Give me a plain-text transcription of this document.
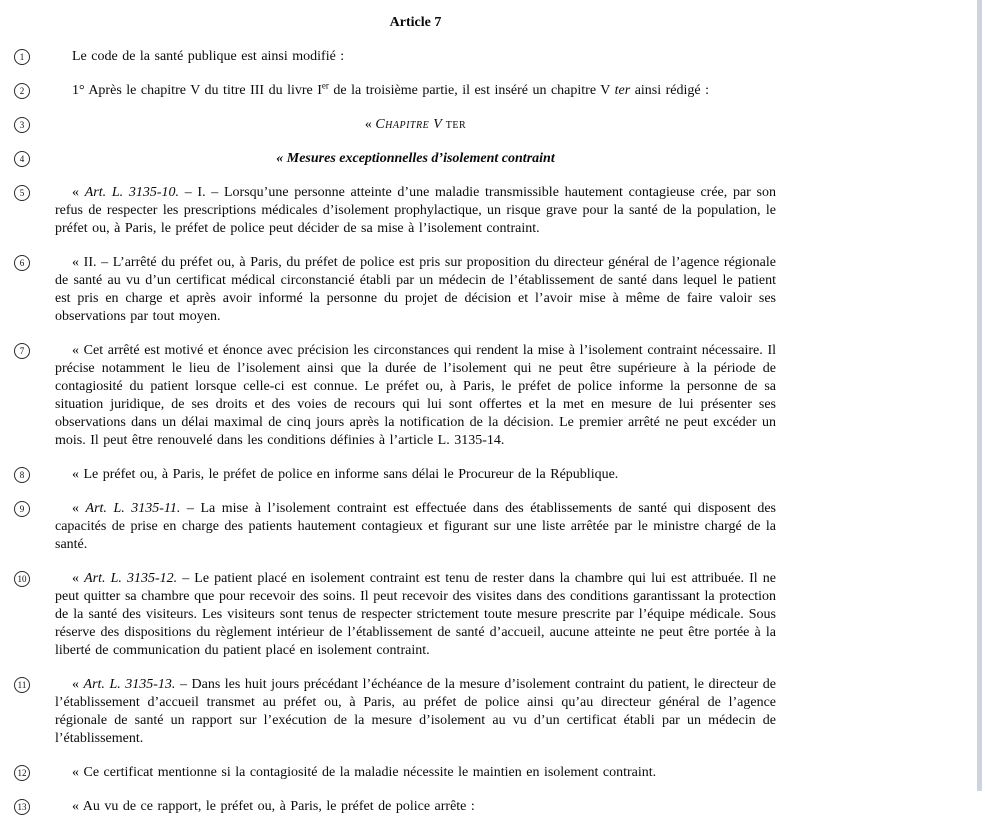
Article 7
1	Le code de la santé publique est ainsi modifié :
2	1° Après le chapitre V du titre III du livre Ier de la troisième partie, il est inséré un chapitre V ter ainsi rédigé :
3	« Chapitre V ter
4	« Mesures exceptionnelles d’isolement contraint
5	« Art. L. 3135-10. – I. – Lorsqu’une personne atteinte d’une maladie transmissible hautement contagieuse crée, par son refus de respecter les prescriptions médicales d’isolement prophylactique, un risque grave pour la santé de la population, le préfet ou, à Paris, le préfet de police peut décider de sa mise à l’isolement contraint.
6	« II. – L’arrêté du préfet ou, à Paris, du préfet de police est pris sur proposition du directeur général de l’agence régionale de santé au vu d’un certificat médical circonstancié établi par un médecin de l’établissement de santé dans lequel le patient est pris en charge et après avoir informé la personne du projet de décision et l’avoir mise à même de faire valoir ses observations par tout moyen.
7	« Cet arrêté est motivé et énonce avec précision les circonstances qui rendent la mise à l’isolement contraint nécessaire. Il précise notamment le lieu de l’isolement ainsi que la durée de l’isolement qui ne peut être supérieure à la période de contagiosité du patient lorsque celle-ci est connue. Le préfet ou, à Paris, le préfet de police informe la personne de sa situation juridique, de ses droits et des voies de recours qui lui sont offertes et la met en mesure de lui présenter ses observations dans un délai maximal de cinq jours après la notification de la décision. Le premier arrêté ne peut excéder un mois. Il peut être renouvelé dans les conditions définies à l’article L. 3135-14.
8	« Le préfet ou, à Paris, le préfet de police en informe sans délai le Procureur de la République.
9	« Art. L. 3135-11. – La mise à l’isolement contraint est effectuée dans des établissements de santé qui disposent des capacités de prise en charge des patients hautement contagieux et figurant sur une liste arrêtée par le ministre chargé de la santé.
10	« Art. L. 3135-12. – Le patient placé en isolement contraint est tenu de rester dans la chambre qui lui est attribuée. Il ne peut quitter sa chambre que pour recevoir des soins. Il peut recevoir des visites dans des conditions garantissant la protection de la santé des visiteurs. Les visiteurs sont tenus de respecter strictement toute mesure prescrite par l’équipe médicale. Sous réserve des dispositions du règlement intérieur de l’établissement de santé d’accueil, aucune atteinte ne peut être portée à la liberté de communication du patient placé en isolement contraint.
11	« Art. L. 3135-13. – Dans les huit jours précédant l’échéance de la mesure d’isolement contraint du patient, le directeur de l’établissement d’accueil transmet au préfet ou, à Paris, au préfet de police ainsi qu’au directeur général de l’agence régionale de santé un rapport sur l’exécution de la mesure d’isolement au vu d’un certificat établi par un médecin de l’établissement.
12	« Ce certificat mentionne si la contagiosité de la maladie nécessite le maintien en isolement contraint.
13	« Au vu de ce rapport, le préfet ou, à Paris, le préfet de police arrête :
